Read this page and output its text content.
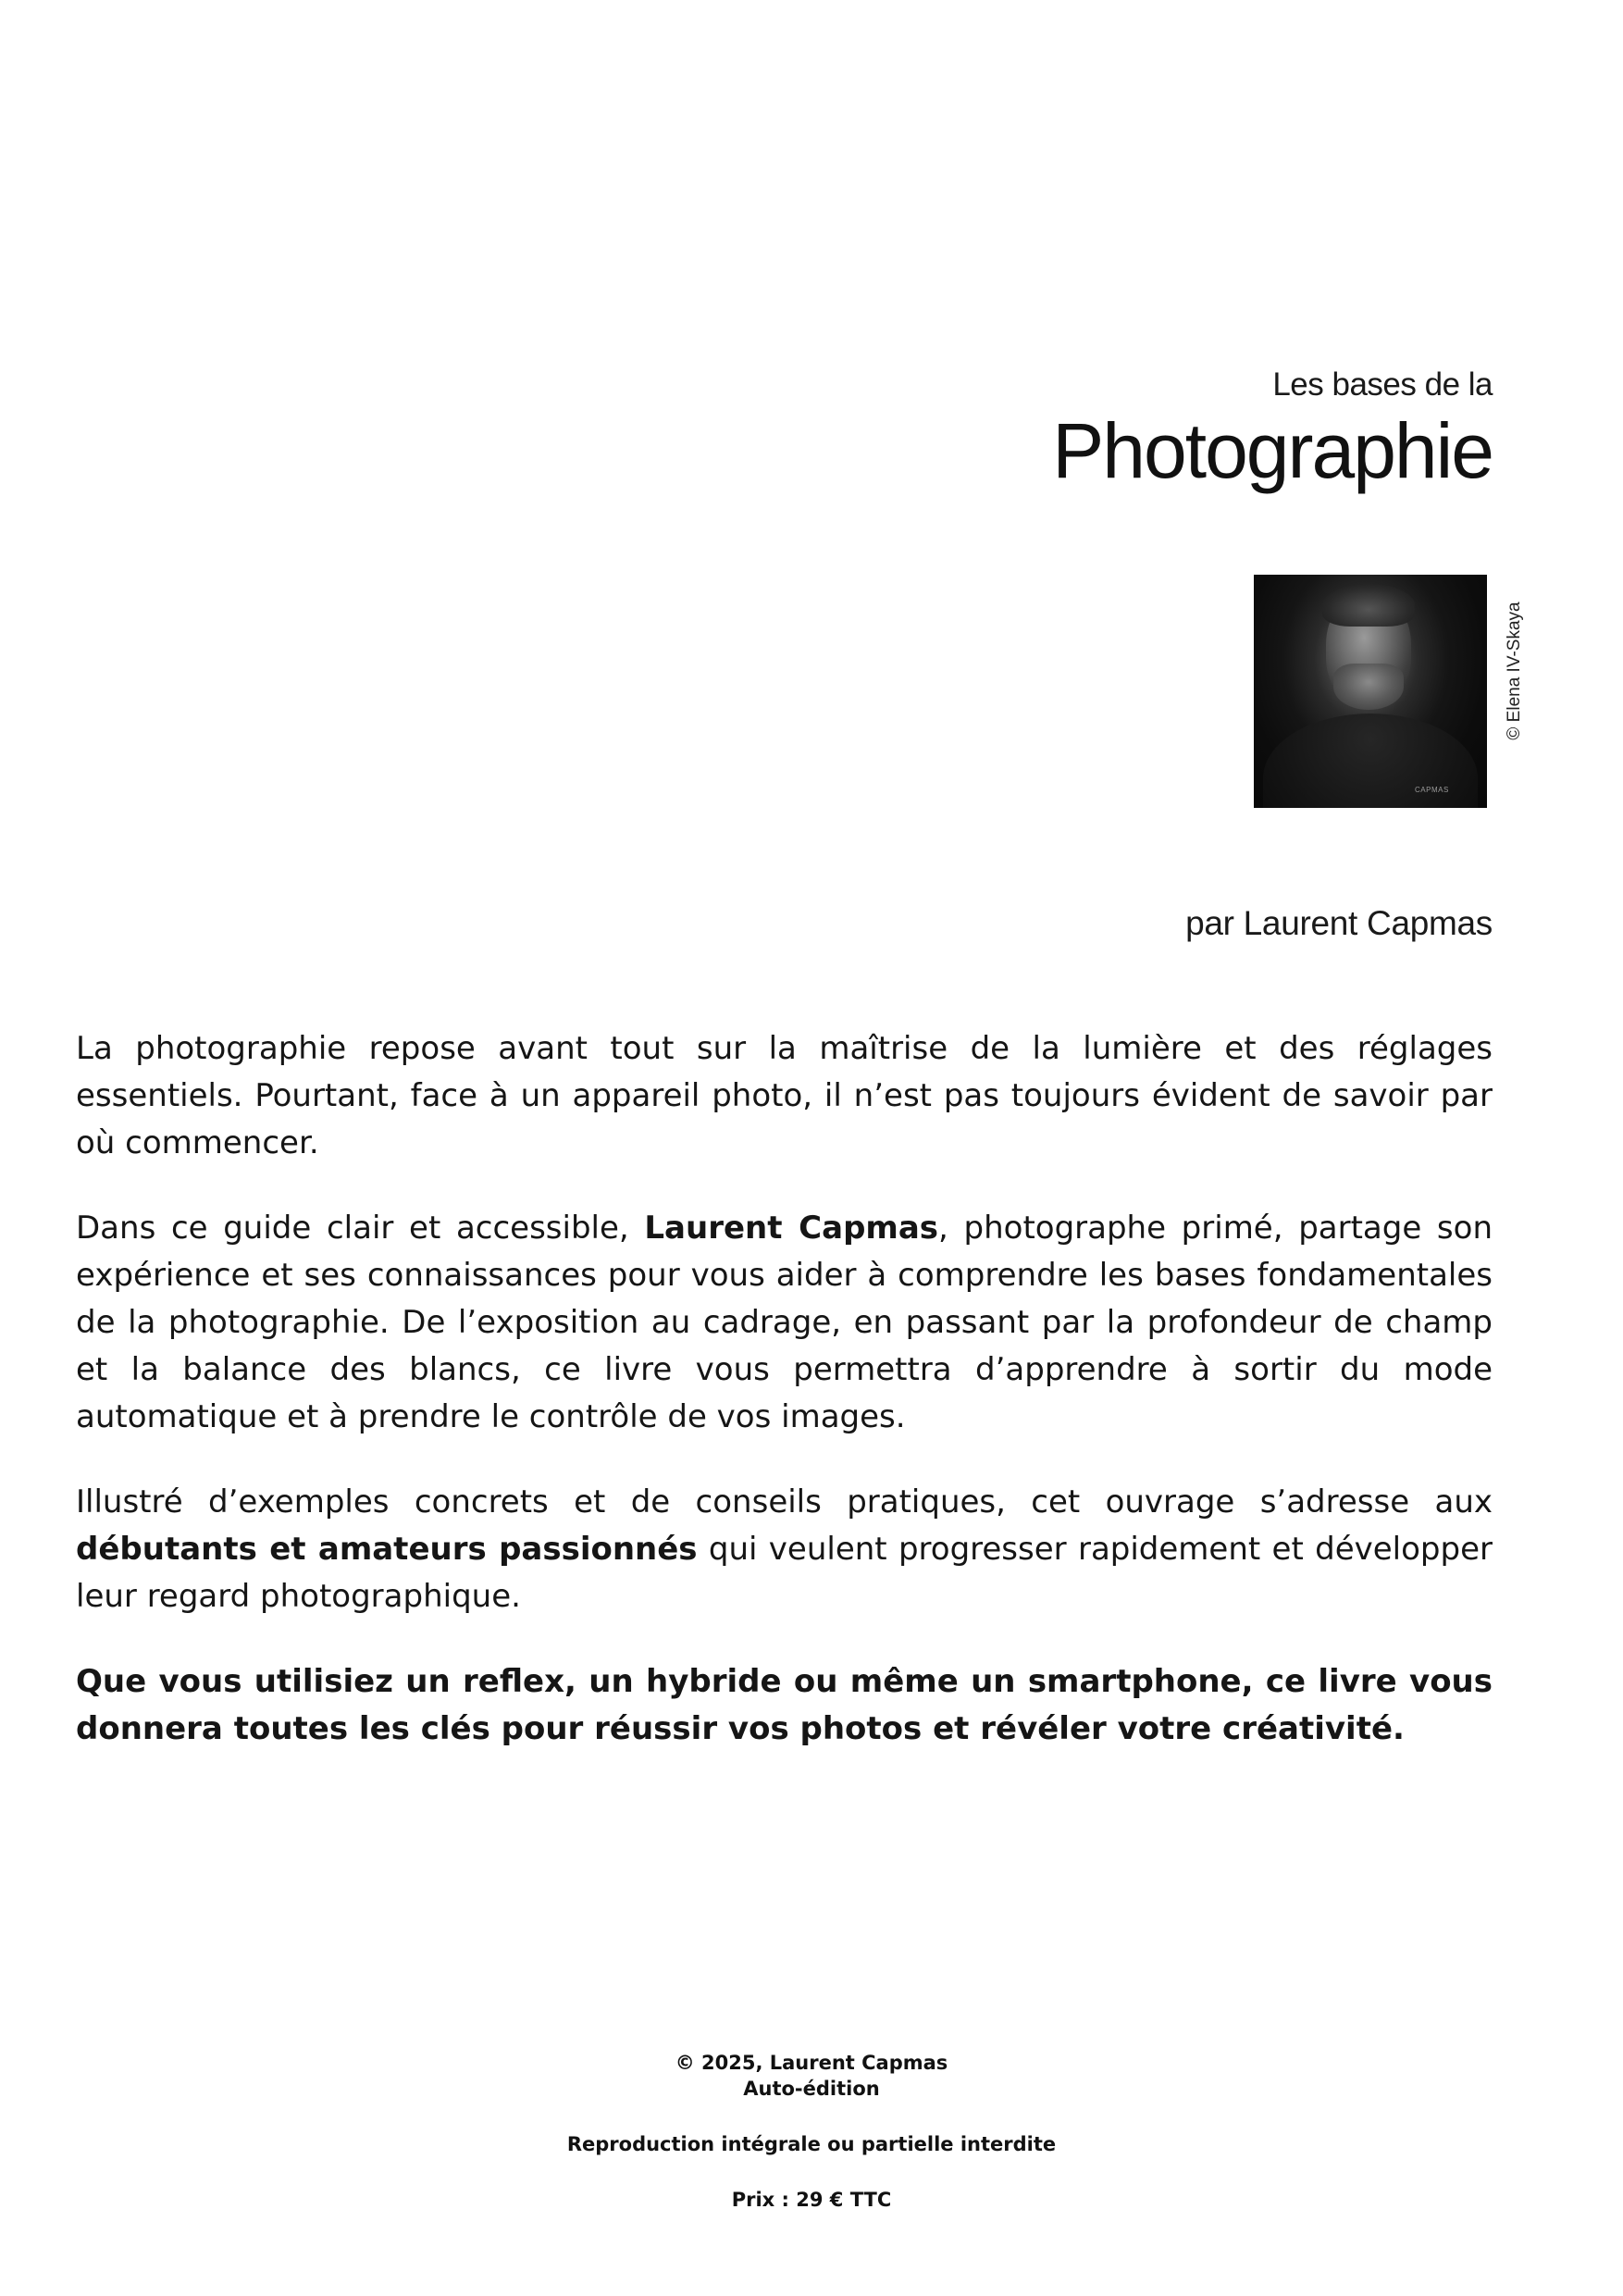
Les bases de la
Photographie
CAPMAS
© Elena IV-Skaya
par Laurent Capmas

La photographie repose avant tout sur la maîtrise de la lumière et des réglages essentiels. Pourtant, face à un appareil photo, il n’est pas toujours évident de savoir par où commencer.

Dans ce guide clair et accessible, Laurent Capmas, photographe primé, partage son expérience et ses connaissances pour vous aider à comprendre les bases fondamentales de la photographie. De l’exposition au cadrage, en passant par la profondeur de champ et la balance des blancs, ce livre vous permettra d’apprendre à sortir du mode automatique et à prendre le contrôle de vos images.

Illustré d’exemples concrets et de conseils pratiques, cet ouvrage s’adresse aux débutants et amateurs passionnés qui veulent progresser rapidement et développer leur regard photographique.

Que vous utilisiez un reflex, un hybride ou même un smartphone, ce livre vous donnera toutes les clés pour réussir vos photos et révéler votre créativité.

© 2025, Laurent Capmas
Auto-édition
Reproduction intégrale ou partielle interdite
Prix : 29 € TTC
